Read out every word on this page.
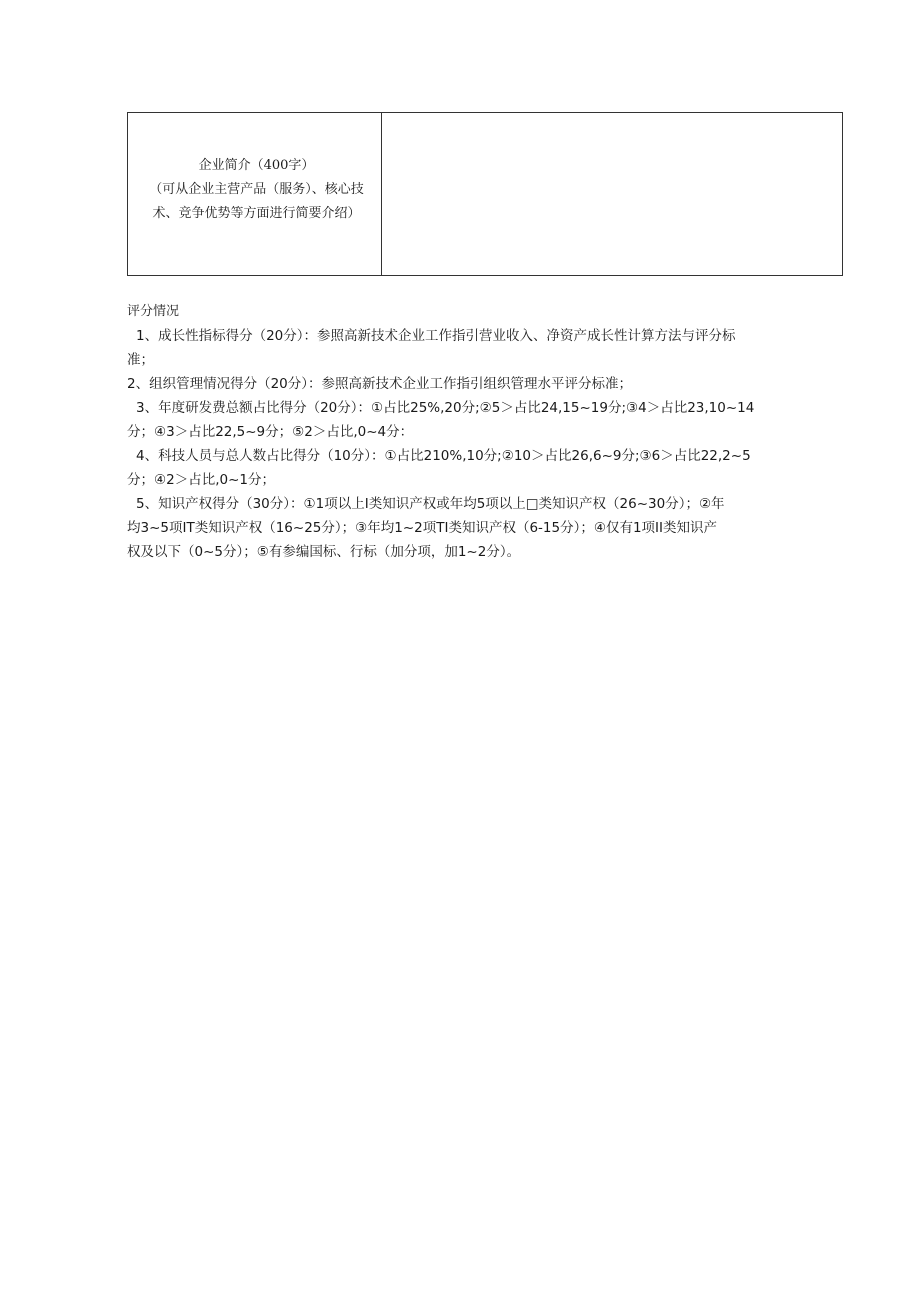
企业简介（400字）
（可从企业主营产品（服务）、核心技
术、竞争优势等方面进行简要介绍）

评分情况

1、成长性指标得分（20分）：参照高新技术企业工作指引营业收入、净资产成长性计算方法与评分标

准；

2、组织管理情况得分（20分）：参照高新技术企业工作指引组织管理水平评分标准；

3、年度研发费总额占比得分（20分）：①占比25%,20分;②5＞占比24,15~19分;③4＞占比23,10~14

分；④3＞占比22,5~9分；⑤2＞占比,0~4分：

4、科技人员与总人数占比得分（10分）：①占比210%,10分;②10＞占比26,6~9分;③6＞占比22,2~5

分；④2＞占比,0~1分；

5、知识产权得分（30分）：①1项以上I类知识产权或年均5项以上□类知识产权（26~30分）；②年

均3~5项IT类知识产权（16~25分）；③年均1~2项TI类知识产权（6-15分）；④仅有1项II类知识产

权及以下（0~5分）；⑤有参编国标、行标（加分项，加1~2分）。
